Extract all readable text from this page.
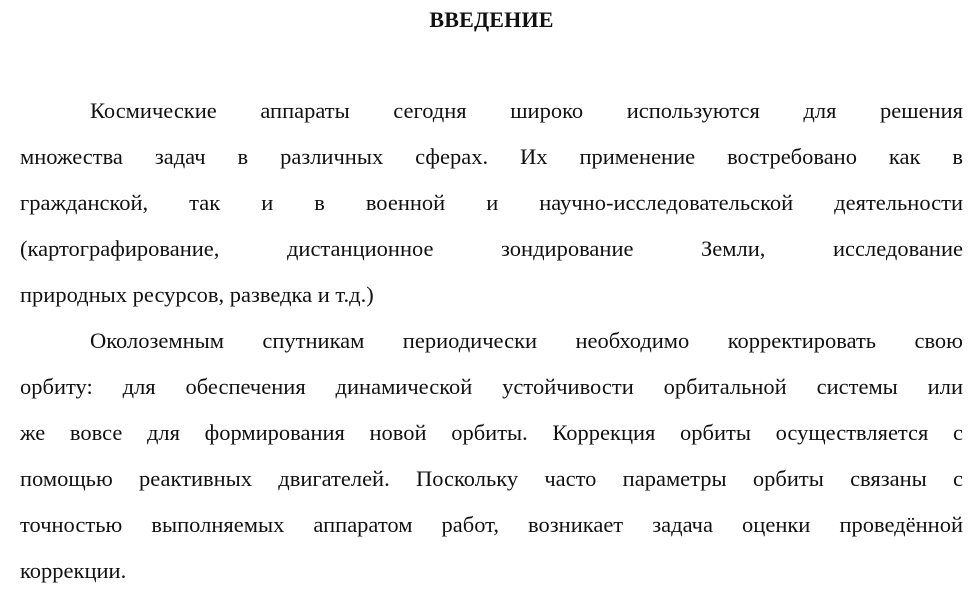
ВВЕДЕНИЕ

Космические аппараты сегодня широко используются для решения
множества задач в различных сферах. Их применение востребовано как в
гражданской, так и в военной и научно-исследовательской деятельности
(картографирование, дистанционное зондирование Земли, исследование
природных ресурсов, разведка и т.д.)

Околоземным спутникам периодически необходимо корректировать свою
орбиту: для обеспечения динамической устойчивости орбитальной системы или
же вовсе для формирования новой орбиты. Коррекция орбиты осуществляется с
помощью реактивных двигателей. Поскольку часто параметры орбиты связаны с
точностью выполняемых аппаратом работ, возникает задача оценки проведённой
коррекции.
